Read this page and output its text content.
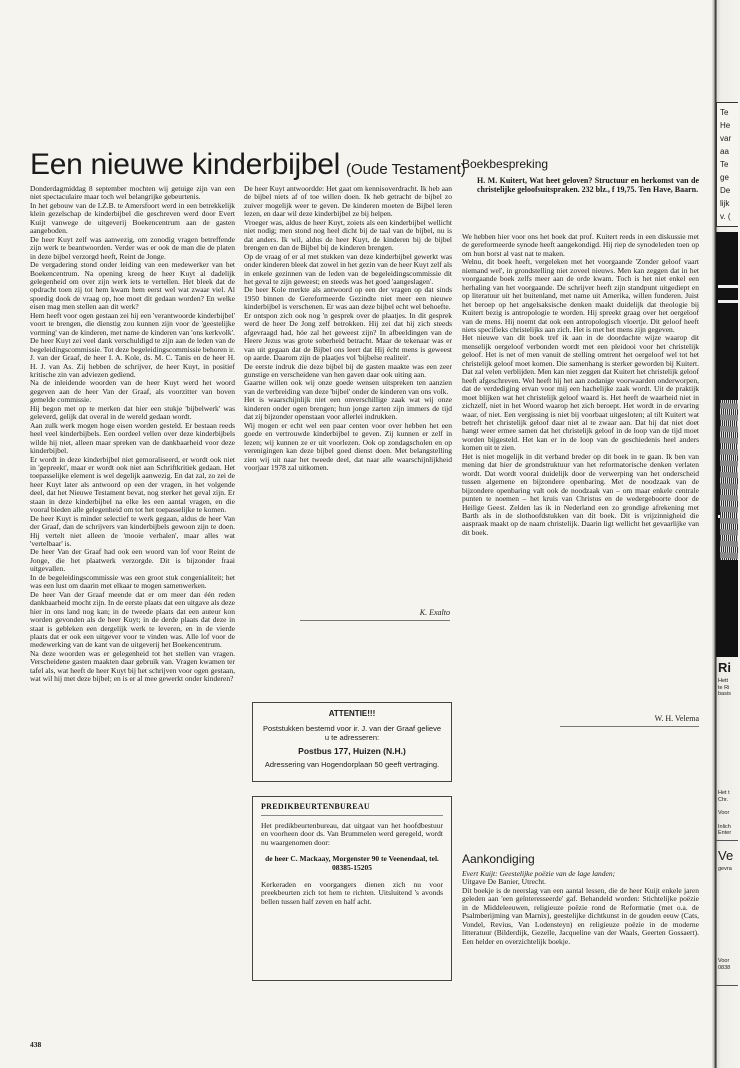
Een nieuwe kinderbijbel (Oude Testament)

Donderdagmiddag 8 september mochten wij getuige zijn van een niet spectaculaire maar toch wel belangrijke gebeurtenis.

In het gebouw van de I.Z.B. te Amersfoort werd in een betrekkelijk klein gezelschap de kinderbijbel die geschreven werd door Evert Kuijt vanwege de uitgeverij Boekencentrum aan de gasten aangeboden.

De heer Kuyt zelf was aanwezig, om zonodig vragen betreffende zijn werk te beantwoorden. Verder was er ook de man die de platen in deze bijbel verzorgd heeft, Reint de Jonge.

De vergadering stond onder leiding van een medewerker van het Boekencentrum. Na opening kreeg de heer Kuyt al dadelijk gelegenheid om over zijn werk iets te vertellen. Het bleek dat de opdracht toen zij tot hem kwam hem eerst wel wat zwaar viel. Al spoedig dook de vraag op, hoe moet dit gedaan worden? En welke eisen mag men stellen aan dit werk?

Hem heeft voor ogen gestaan zei hij een 'verantwoorde kinderbijbel' voort te brengen, die dienstig zou kunnen zijn voor de 'geestelijke vorming' van de kinderen, met name de kinderen van 'ons kerkvolk'.

De heer Kuyt zei veel dank verschuldigd te zijn aan de leden van de begeleidingscommissie. Tot deze begeleidingscommissie behoren ir. J. van der Graaf, de heer I. A. Kole, ds. M. C. Tanis en de heer H. H. J. van As. Zij hebben de schrijver, de heer Kuyt, in positief kritische zin van adviezen gediend.

Na de inleidende woorden van de heer Kuyt werd het woord gegeven aan de heer Van der Graaf, als voorzitter van boven gemelde commissie.

Hij begon met op te merken dat hier een stukje 'bijbelwerk' was geleverd, gelijk dat overal in de wereld gedaan wordt.

Aan zulk werk mogen hoge eisen worden gesteld. Er bestaan reeds heel veel kinderbijbels. Een oordeel vellen over deze kinderbijbels wilde hij niet, alleen maar spreken van de dankbaarheid voor deze kinderbijbel.

Er wordt in deze kinderbijbel niet gemoraliseerd, er wordt ook niet in 'gepreekt', maar er wordt ook niet aan Schriftkritiek gedaan. Het toepasselijke element is wel degelijk aanwezig. En dat zal, zo zei de heer Kuyt later als antwoord op een der vragen, in het volgende deel, dat het Nieuwe Testament bevat, nog sterker het geval zijn. Er staan in deze kinderbijbel na elke les een aantal vragen, en die vooral bieden alle gelegenheid om tot het toepasselijke te komen.

De heer Kuyt is minder selectief te werk gegaan, aldus de heer Van der Graaf, dan de schrijvers van kinderbijbels gewoon zijn te doen. Hij vertelt niet alleen de 'mooie verhalen', maar alles wat 'vertelbaar' is.

De heer Van der Graaf had ook een woord van lof voor Reint de Jonge, die het plaatwerk verzorgde. Dit is bijzonder fraai uitgevallen.

In de begeleidingscommissie was een groot stuk congenialiteit; het was een lust om daarin met elkaar te mogen samenwerken.

De heer Van der Graaf meende dat er om meer dan één reden dankbaarheid mocht zijn. In de eerste plaats dat een uitgave als deze hier in ons land nog kan; in de tweede plaats dat een auteur kon worden gevonden als de heer Kuyt; in de derde plaats dat deze in staat is gebleken een dergelijk werk te leveren, en in de vierde plaats dat er ook een uitgever voor te vinden was. Alle lof voor de medewerking van de kant van de uitgeverij het Boekencentrum.

Na deze woorden was er gelegenheid tot het stellen van vragen. Verscheidene gasten maakten daar gebruik van. Vragen kwamen ter tafel als, wat heeft de heer Kuyt bij het schrijven voor ogen gestaan, wat wil hij met deze bijbel; en is er al mee gewerkt onder kinderen?

De heer Kuyt antwoordde: Het gaat om kennisoverdracht. Ik heb aan de bijbel niets af of toe willen doen. Ik heb getracht de bijbel zo zuiver mogelijk weer te geven. De kinderen moeten de Bijbel leren lezen, en daar wil deze kinderbijbel ze bij helpen.

Vroeger was, aldus de heer Kuyt, zoiets als een kinderbijbel wellicht niet nodig; men stond nog heel dicht bij de taal van de bijbel, nu is dat anders. Ik wil, aldus de heer Kuyt, de kinderen bij de bijbel brengen en dan de Bijbel bij de kinderen brengen.

Op de vraag of er al met stukken van deze kinderbijbel gewerkt was onder kinderen bleek dat zowel in het gezin van de heer Kuyt zelf als in enkele gezinnen van de leden van de begeleidingscommissie dit het geval te zijn geweest; en steeds was het goed 'aangeslagen'.

De heer Kole merkte als antwoord op een der vragen op dat sinds 1950 binnen de Gereformeerde Gezindte niet meer een nieuwe kinderbijbel is verschenen. Er was aan deze bijbel echt wel behoefte.

Er ontspon zich ook nog 'n gesprek over de plaatjes. In dit gesprek werd de heer De Jong zelf betrokken. Hij zei dat hij zich steeds afgevraagd had, hóe zal het geweest zijn? In afbeeldingen van de Heere Jezus was grote soberheid betracht. Maar de tekenaar was er van uit gegaan dat de Bijbel ons leert dat Hij écht mens is geweest op aarde. Daarom zijn de plaatjes vol 'bijbelse realiteit'.

De eerste indruk die deze bijbel bij de gasten maakte was een zeer gunstige en verscheidene van hen gaven daar ook uiting aan.

Gaarne willen ook wij onze goede wensen uitspreken ten aanzien van de verbreiding van deze 'bijbel' onder de kinderen van ons volk.

Het is waarschijnlijk niet een onverschillige zaak wat wij onze kinderen onder ogen brengen; hun jonge zarten zijn immers de tijd dat zij bijzonder openstaan voor allerlei indrukken.

Wij mogen er echt wel een paar centen voor over hebben het een goede en vertrouwde kinderbijbel te geven. Zij kunnen er zelf in lezen; wij kunnen ze er uit voorlezen. Ook op zondagscholen en op verenigingen kan deze bijbel goed dienst doen. Met belangstelling zien wij uit naar het tweede deel, dat naar alle waarschijnlijkheid voorjaar 1978 zal uitkomen.

K. Exalto
ATTENTIE!!!
Poststukken bestemd voor ir. J. van der Graaf gelieve u te adresseren:
Postbus 177, Huizen (N.H.)
Adressering van Hogendorplaan 50 geeft vertraging.
PREDIKBEURTENBUREAU

Het predikbeurtenbureau, dat uitgaat van het hoofdbestuur en voorheen door ds. Van Brummelen werd geregeld, wordt nu waargenomen door:

de heer C. Mackaay, Morgenster 90 te Veenendaal, tel. 08385-15205

Kerkeraden en voorgangers dienen zich nu voor preekbeurten zich tot hem te richten. Uitsluitend 's avonds bellen tussen half zeven en half acht.

Boekbespreking
H. M. Kuitert, Wat heet geloven? Structuur en herkomst van de christelijke geloofsuitspraken. 232 blz., f 19,75. Ten Have, Baarn.

We hebben hier voor ons het boek dat prof. Kuitert reeds in een diskussie met de gereformeerde synode heeft aangekondigd. Hij riep de synodeleden toen op om hun borst al vast nat te maken.

Welnu, dit boek heeft, vergeleken met het voorgaande 'Zonder geloof vaart niemand wel', in grondstelling niet zoveel nieuws. Men kan zeggen dat in het voorgaande boek zelfs meer aan de orde kwam. Toch is het niet enkel een herhaling van het voorgaande. De schrijver heeft zijn standpunt uitgediept en op literatuur uit het buitenland, met name uit Amerika, willen funderen. Juist het beroep op het angelsaksische denken maakt duidelijk dat theologie bij Kuitert bezig is antropologie te worden. Hij spreekt graag over het oergeloof van de mens. Hij noemt dat ook een antropologisch vloertje. Dit geloof heeft niets specifieks christelijks aan zich. Het is met het mens zijn gegeven.

Het nieuwe van dit boek tref ik aan in de doordachte wijze waarop dit menselijk oergeloof verbonden wordt met een pleidooi voor het christelijk geloof. Het is net of men vanuit de stelling omtrent het oergeloof wel tot het christelijk geloof moet komen. Die samenhang is sterker geworden bij Kuitert. Dat zal velen verblijden. Men kan niet zeggen dat Kuitert het christelijk geloof heeft afgeschreven. Wel heeft hij het aan zodanige voorwaarden onderworpen, dat de verdediging ervan voor mij een hachelijke zaak wordt. Uit de praktijk moet blijken wat het christelijk geloof waard is. Het heeft de waarheid niet in zichzelf, niet in het Woord waarop het zich beroept. Het wordt in de ervaring waar, of niet. Een vergissing is niet bij voorbaat uitgesloten; al tilt Kuitert wat betreft het christelijk geloof daar niet al te zwaar aan. Dat hij dat niet doet hangt weer ermee samen dat het christelijk geloof in de loop van de tijd moet worden bijgesteld. Het kan er in de loop van de geschiedenis heel anders komen uit te zien.

Het is niet mogelijk in dit verband breder op dit boek in te gaan. Ik ben van mening dat hier de grondstruktuur van het reformatorische denken verlaten wordt. Dat wordt vooral duidelijk door de verwerping van het onderscheid tussen algemene en bijzondere openbaring. Met de noodzaak van de bijzondere openbaring valt ook de noodzaak van – om maar enkele centrale punten te noemen – het kruis van Christus en de wedergeboorte door de Heilige Geest. Zelden las ik in Nederland een zo grondige afrekening met Barth als in de slothoofdstukken van dit boek. Dit is vrijzinnigheid die aaspraak maakt op de naam christelijk. Daarin ligt wellicht het gevaarlijke van dit boek.

W. H. Velema
Aankondiging

Evert Kuijt: Geestelijke poëzie van de lage landen;

Uitgave De Banier, Utrecht.

Dit boekje is de neerslag van een aantal lessen, die de heer Kuijt enkele jaren geleden aan 'een geïnteresseerde' gaf. Behandeld worden: Stichtelijke poëzie in de Middeleeuwen, religieuze poëzie rond de Reformatie (met o.a. de Psalmberijming van Marnix), geestelijke dichtkunst in de gouden eeuw (Cats, Vondel, Revius, Van Lodensteyn) en religieuze poëzie in de moderne litteratuur (Bilderdijk, Gezelle, Jacqueline van der Waals, Geerten Gossaert). Een helder en overzichtelijk boekje.

438
Te
He
var
aa
Te
ge
De
lijk
v. (
Ri
Hett
te Ri
basis
Het t
Chr.
Voor
Inlich
Enter
Ve
gevra
Voor
0838
